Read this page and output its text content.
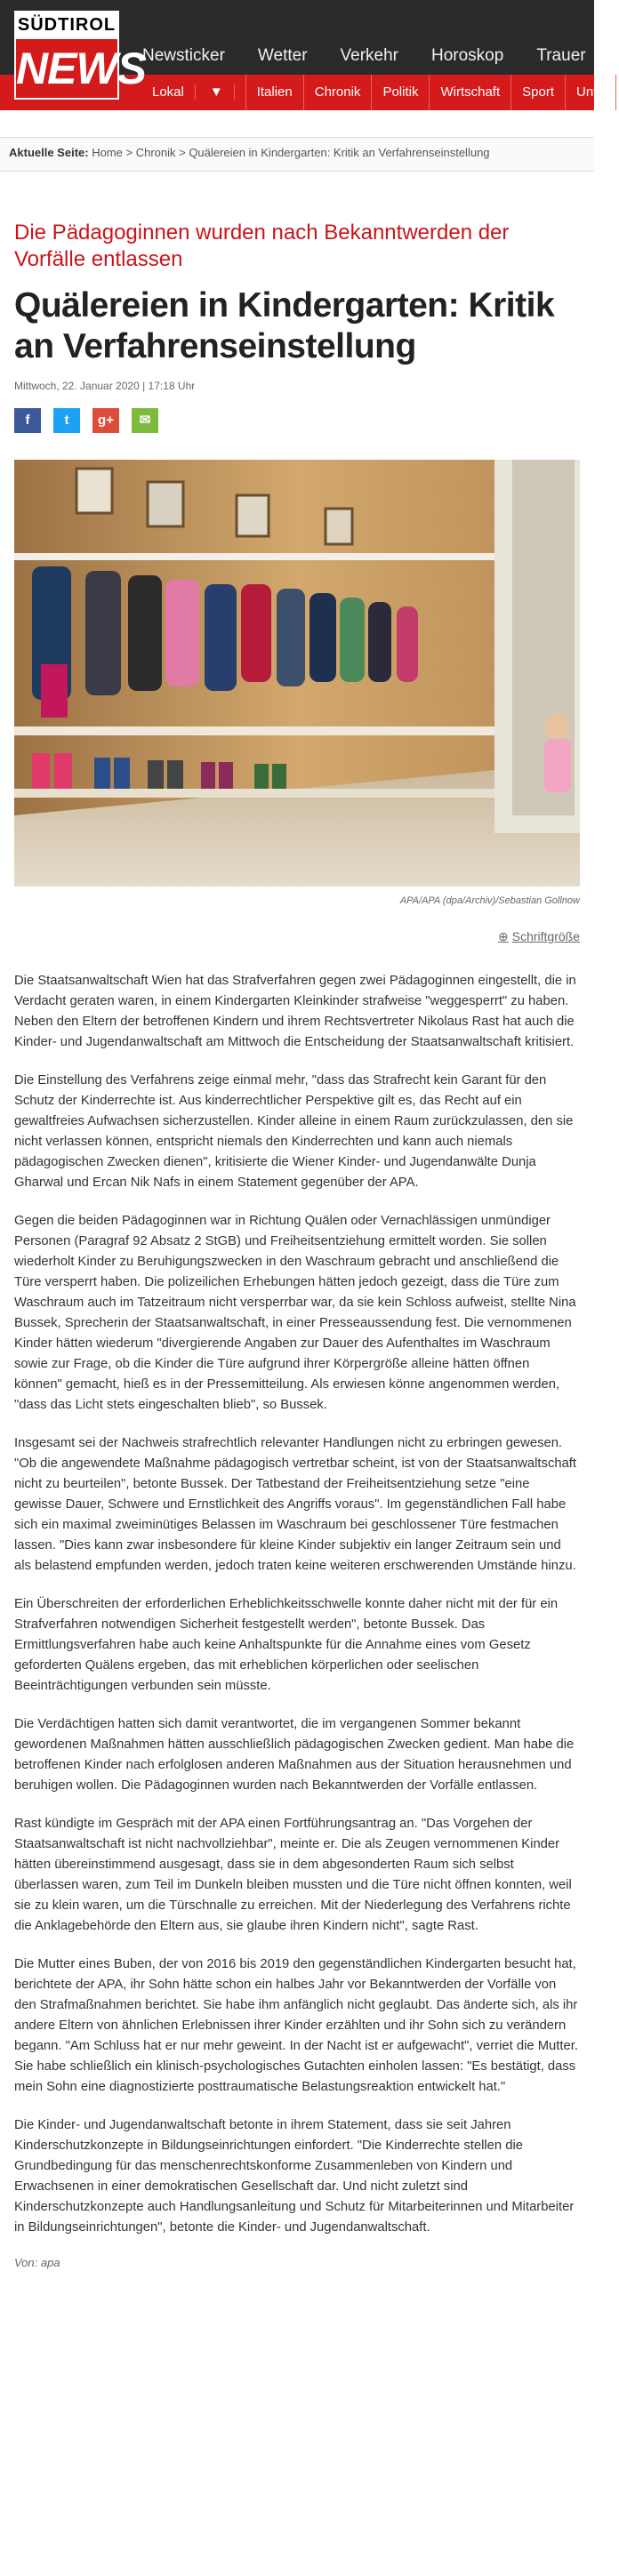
SÜDTIROL
NEWS
Newsticker Wetter Verkehr Horoskop Trauer
Lokal ▼	Italien	Chronik	Politik	Wirtschaft	Sport	Unte
Aktuelle Seite: Home > Chronik > Quälereien in Kindergarten: Kritik an Verfahrenseinstellung
Die Pädagoginnen wurden nach Bekanntwerden der Vorfälle entlassen
Quälereien in Kindergarten: Kritik an Verfahrenseinstellung
Mittwoch, 22. Januar 2020 | 17:18 Uhr
f	t	g+	✉
APA/APA (dpa/Archiv)/Sebastian Gollnow
⊕ Schriftgröße

Die Staatsanwaltschaft Wien hat das Strafverfahren gegen zwei Pädagoginnen eingestellt, die in Verdacht geraten waren, in einem Kindergarten Kleinkinder strafweise "weggesperrt" zu haben. Neben den Eltern der betroffenen Kindern und ihrem Rechtsvertreter Nikolaus Rast hat auch die Kinder- und Jugendanwaltschaft am Mittwoch die Entscheidung der Staatsanwaltschaft kritisiert.

Die Einstellung des Verfahrens zeige einmal mehr, "dass das Strafrecht kein Garant für den Schutz der Kinderrechte ist. Aus kinderrechtlicher Perspektive gilt es, das Recht auf ein gewaltfreies Aufwachsen sicherzustellen. Kinder alleine in einem Raum zurückzulassen, den sie nicht verlassen können, entspricht niemals den Kinderrechten und kann auch niemals pädagogischen Zwecken dienen", kritisierte die Wiener Kinder- und Jugendanwälte Dunja Gharwal und Ercan Nik Nafs in einem Statement gegenüber der APA.

Gegen die beiden Pädagoginnen war in Richtung Quälen oder Vernachlässigen unmündiger Personen (Paragraf 92 Absatz 2 StGB) und Freiheitsentziehung ermittelt worden. Sie sollen wiederholt Kinder zu Beruhigungszwecken in den Waschraum gebracht und anschließend die Türe versperrt haben. Die polizeilichen Erhebungen hätten jedoch gezeigt, dass die Türe zum Waschraum auch im Tatzeitraum nicht versperrbar war, da sie kein Schloss aufweist, stellte Nina Bussek, Sprecherin der Staatsanwaltschaft, in einer Presseaussendung fest. Die vernommenen Kinder hätten wiederum "divergierende Angaben zur Dauer des Aufenthaltes im Waschraum sowie zur Frage, ob die Kinder die Türe aufgrund ihrer Körpergröße alleine hätten öffnen können" gemacht, hieß es in der Pressemitteilung. Als erwiesen könne angenommen werden, "dass das Licht stets eingeschalten blieb", so Bussek.

Insgesamt sei der Nachweis strafrechtlich relevanter Handlungen nicht zu erbringen gewesen. "Ob die angewendete Maßnahme pädagogisch vertretbar scheint, ist von der Staatsanwaltschaft nicht zu beurteilen", betonte Bussek. Der Tatbestand der Freiheitsentziehung setze "eine gewisse Dauer, Schwere und Ernstlichkeit des Angriffs voraus". Im gegenständlichen Fall habe sich ein maximal zweiminütiges Belassen im Waschraum bei geschlossener Türe festmachen lassen. "Dies kann zwar insbesondere für kleine Kinder subjektiv ein langer Zeitraum sein und als belastend empfunden werden, jedoch traten keine weiteren erschwerenden Umstände hinzu.

Ein Überschreiten der erforderlichen Erheblichkeitsschwelle konnte daher nicht mit der für ein Strafverfahren notwendigen Sicherheit festgestellt werden", betonte Bussek. Das Ermittlungsverfahren habe auch keine Anhaltspunkte für die Annahme eines vom Gesetz geforderten Quälens ergeben, das mit erheblichen körperlichen oder seelischen Beeinträchtigungen verbunden sein müsste.

Die Verdächtigen hatten sich damit verantwortet, die im vergangenen Sommer bekannt gewordenen Maßnahmen hätten ausschließlich pädagogischen Zwecken gedient. Man habe die betroffenen Kinder nach erfolglosen anderen Maßnahmen aus der Situation herausnehmen und beruhigen wollen. Die Pädagoginnen wurden nach Bekanntwerden der Vorfälle entlassen.

Rast kündigte im Gespräch mit der APA einen Fortführungsantrag an. "Das Vorgehen der Staatsanwaltschaft ist nicht nachvollziehbar", meinte er. Die als Zeugen vernommenen Kinder hätten übereinstimmend ausgesagt, dass sie in dem abgesonderten Raum sich selbst überlassen waren, zum Teil im Dunkeln bleiben mussten und die Türe nicht öffnen konnten, weil sie zu klein waren, um die Türschnalle zu erreichen. Mit der Niederlegung des Verfahrens richte die Anklagebehörde den Eltern aus, sie glaube ihren Kindern nicht", sagte Rast.

Die Mutter eines Buben, der von 2016 bis 2019 den gegenständlichen Kindergarten besucht hat, berichtete der APA, ihr Sohn hätte schon ein halbes Jahr vor Bekanntwerden der Vorfälle von den Strafmaßnahmen berichtet. Sie habe ihm anfänglich nicht geglaubt. Das änderte sich, als ihr andere Eltern von ähnlichen Erlebnissen ihrer Kinder erzählten und ihr Sohn sich zu verändern begann. "Am Schluss hat er nur mehr geweint. In der Nacht ist er aufgewacht", verriet die Mutter. Sie habe schließlich ein klinisch-psychologisches Gutachten einholen lassen: "Es bestätigt, dass mein Sohn eine diagnostizierte posttraumatische Belastungsreaktion entwickelt hat."

Die Kinder- und Jugendanwaltschaft betonte in ihrem Statement, dass sie seit Jahren Kinderschutzkonzepte in Bildungseinrichtungen einfordert. "Die Kinderrechte stellen die Grundbedingung für das menschenrechtskonforme Zusammenleben von Kindern und Erwachsenen in einer demokratischen Gesellschaft dar. Und nicht zuletzt sind Kinderschutzkonzepte auch Handlungsanleitung und Schutz für Mitarbeiterinnen und Mitarbeiter in Bildungseinrichtungen", betonte die Kinder- und Jugendanwaltschaft.

Von: apa
